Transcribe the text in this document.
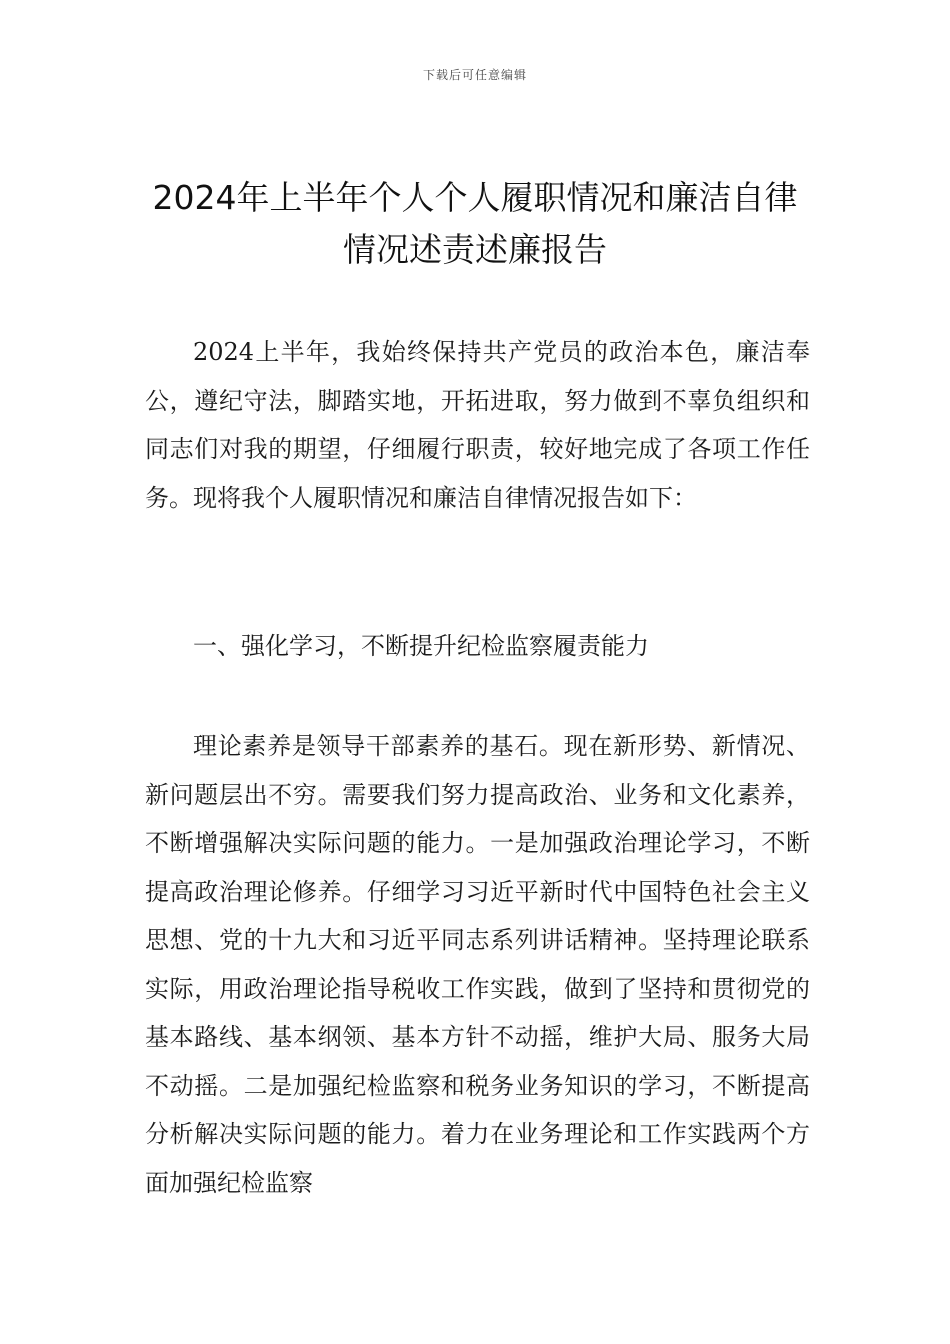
下载后可任意编辑
2024年上半年个人个人履职情况和廉洁自律情况述责述廉报告

2024上半年，我始终保持共产党员的政治本色，廉洁奉公，遵纪守法，脚踏实地，开拓进取，努力做到不辜负组织和同志们对我的期望，仔细履行职责，较好地完成了各项工作任务。现将我个人履职情况和廉洁自律情况报告如下：

一、强化学习，不断提升纪检监察履责能力

理论素养是领导干部素养的基石。现在新形势、新情况、新问题层出不穷。需要我们努力提高政治、业务和文化素养，不断增强解决实际问题的能力。一是加强政治理论学习，不断提高政治理论修养。仔细学习习近平新时代中国特色社会主义思想、党的十九大和习近平同志系列讲话精神。坚持理论联系实际，用政治理论指导税收工作实践，做到了坚持和贯彻党的基本路线、基本纲领、基本方针不动摇，维护大局、服务大局不动摇。二是加强纪检监察和税务业务知识的学习，不断提高分析解决实际问题的能力。着力在业务理论和工作实践两个方面加强纪检监察
